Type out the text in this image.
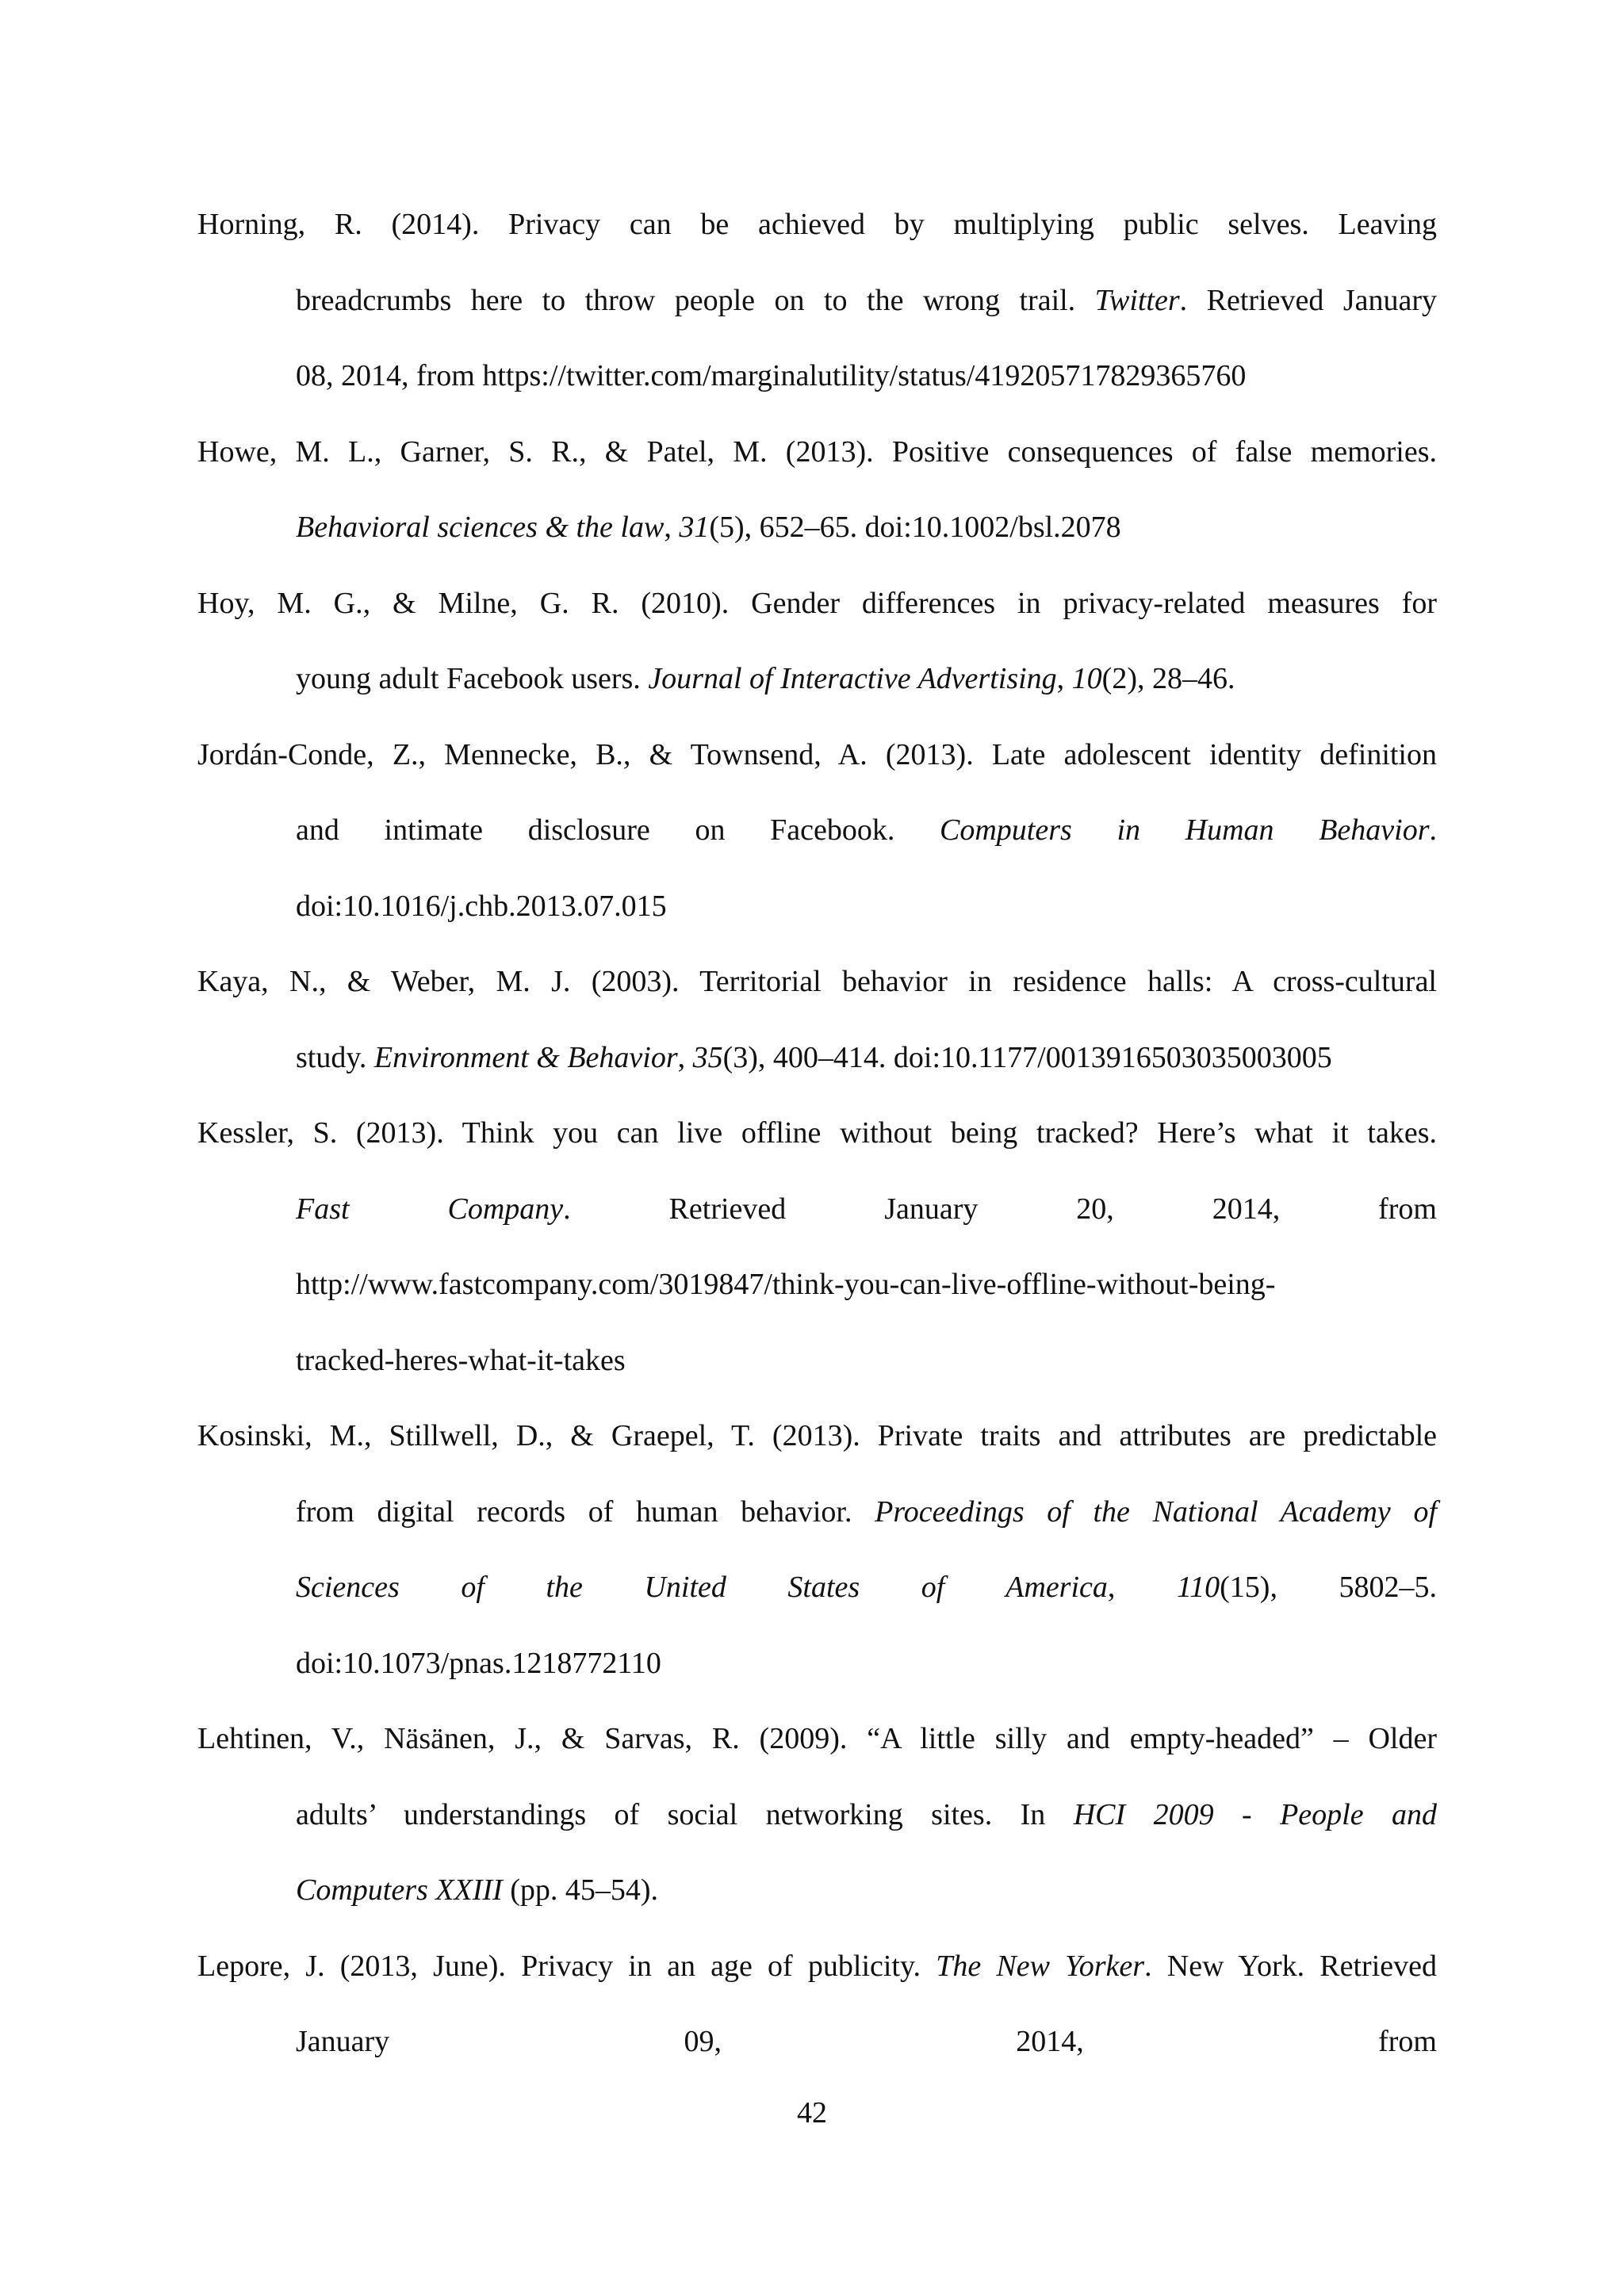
Horning, R. (2014). Privacy can be achieved by multiplying public selves. Leaving
breadcrumbs here to throw people on to the wrong trail. Twitter. Retrieved January
08, 2014, from https://twitter.com/marginalutility/status/419205717829365760
Howe, M. L., Garner, S. R., & Patel, M. (2013). Positive consequences of false memories.
Behavioral sciences & the law, 31(5), 652–65. doi:10.1002/bsl.2078
Hoy, M. G., & Milne, G. R. (2010). Gender differences in privacy-related measures for
young adult Facebook users. Journal of Interactive Advertising, 10(2), 28–46.
Jordán-Conde, Z., Mennecke, B., & Townsend, A. (2013). Late adolescent identity definition
and intimate disclosure on Facebook. Computers in Human Behavior.
doi:10.1016/j.chb.2013.07.015
Kaya, N., & Weber, M. J. (2003). Territorial behavior in residence halls: A cross-cultural
study. Environment & Behavior, 35(3), 400–414. doi:10.1177/0013916503035003005
Kessler, S. (2013). Think you can live offline without being tracked? Here’s what it takes.
Fast Company. Retrieved January 20, 2014, from
http://www.fastcompany.com/3019847/think-you-can-live-offline-without-being-
tracked-heres-what-it-takes
Kosinski, M., Stillwell, D., & Graepel, T. (2013). Private traits and attributes are predictable
from digital records of human behavior. Proceedings of the National Academy of
Sciences of the United States of America, 110(15), 5802–5.
doi:10.1073/pnas.1218772110
Lehtinen, V., Näsänen, J., & Sarvas, R. (2009). “A little silly and empty-headed” – Older
adults’ understandings of social networking sites. In HCI 2009 - People and
Computers XXIII (pp. 45–54).
Lepore, J. (2013, June). Privacy in an age of publicity. The New Yorker. New York. Retrieved
January 09, 2014, from
42
